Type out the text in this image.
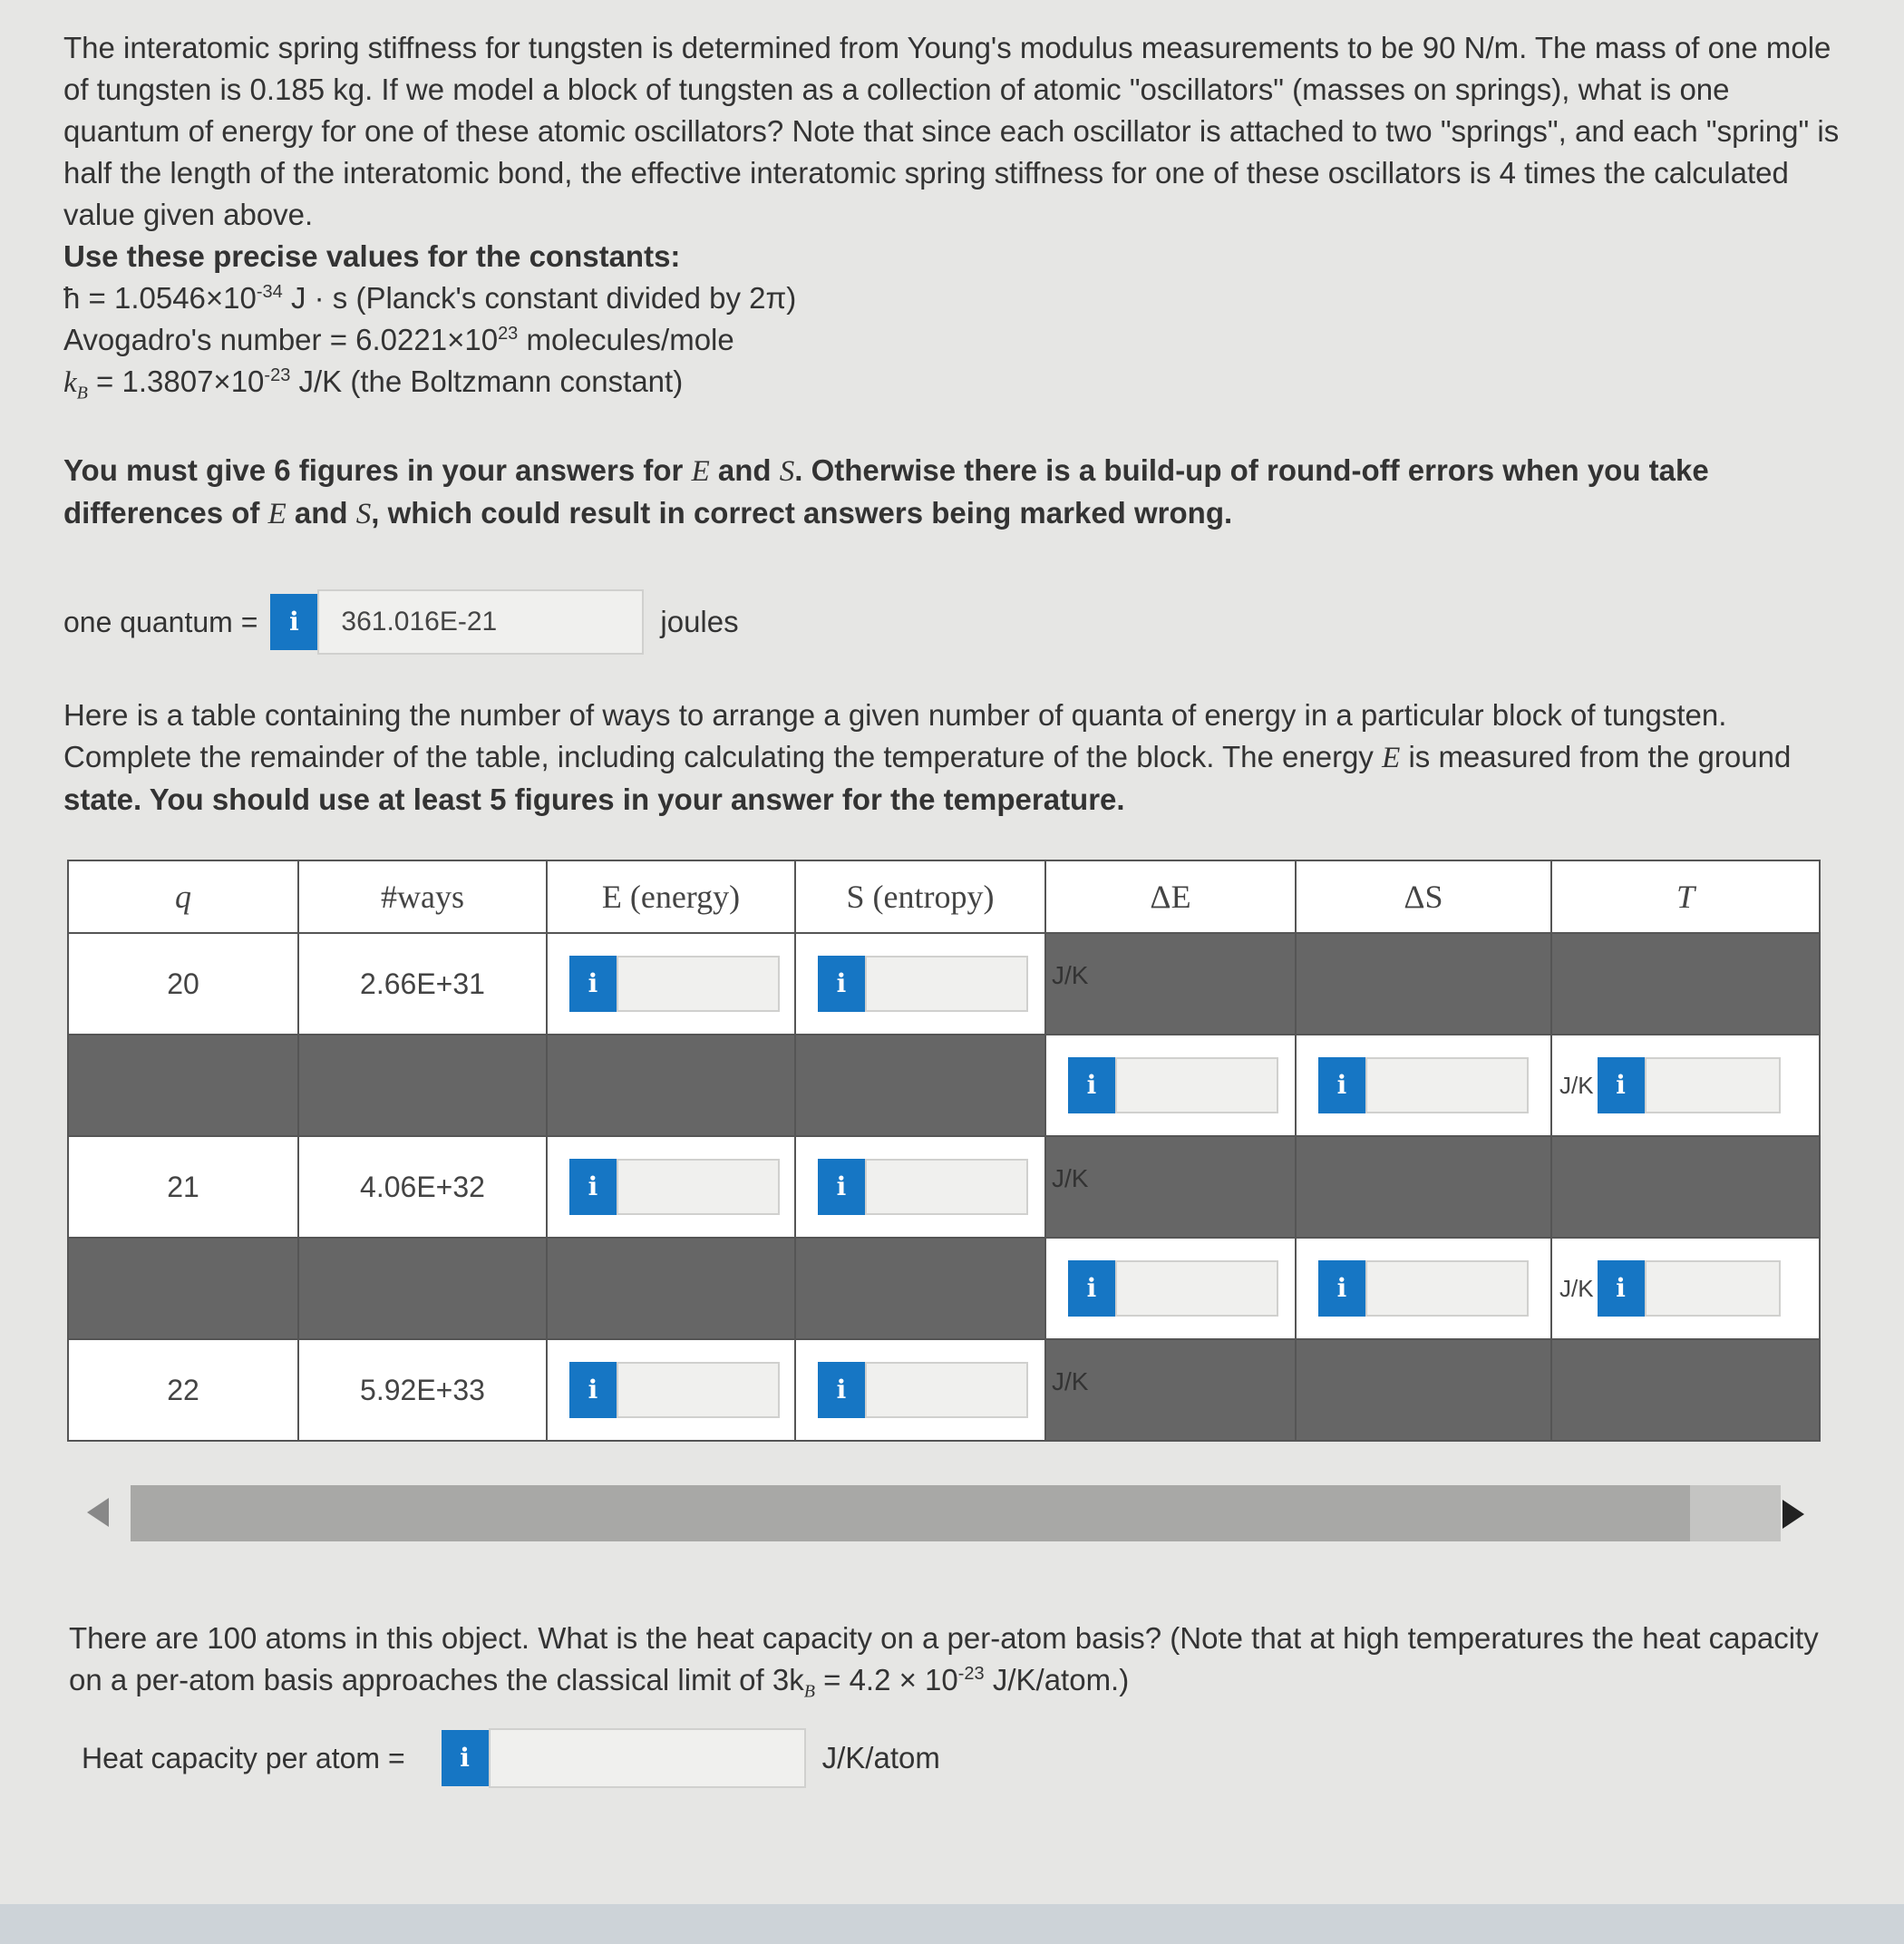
The interatomic spring stiffness for tungsten is determined from Young's modulus measurements to be 90 N/m. The mass of one mole of tungsten is 0.185 kg. If we model a block of tungsten as a collection of atomic "oscillators" (masses on springs), what is one quantum of energy for one of these atomic oscillators? Note that since each oscillator is attached to two "springs", and each "spring" is half the length of the interatomic bond, the effective interatomic spring stiffness for one of these oscillators is 4 times the calculated value given above.

Use these precise values for the constants:

ħ = $1.0546\times 10^{-34}$ J · s (Planck's constant divided by 2π)

Avogadro's number = $6.0221\times 10^{23}$ molecules/mole

$k_B = 1.3807\times 10^{-23}$ J/K (the Boltzmann constant)

You must give 6 figures in your answers for E and S. Otherwise there is a build-up of round-off errors when you take differences of E and S, which could result in correct answers being marked wrong.
one quantum =	i	361.016E-21	joules

Here is a table containing the number of ways to arrange a given number of quanta of energy in a particular block of tungsten.

Complete the remainder of the table, including calculating the temperature of the block. The energy E is measured from the ground

state. You should use at least 5 figures in your answer for the temperature.

q	#ways	E (energy)	S (entropy)	ΔE	ΔS	T
20	2.66E+31	i	i	J/K		

				i	i	J/K i

21	4.06E+32	i	i	J/K		

				i	i	J/K i

22	5.92E+33	i	i	J/K		

There are 100 atoms in this object. What is the heat capacity on a per-atom basis? (Note that at high temperatures the heat capacity

on a per-atom basis approaches the classical limit of $3k_B = 4.2 \times 10^{-23}$ J/K/atom.)

Heat capacity per atom =	i	J/K/atom
